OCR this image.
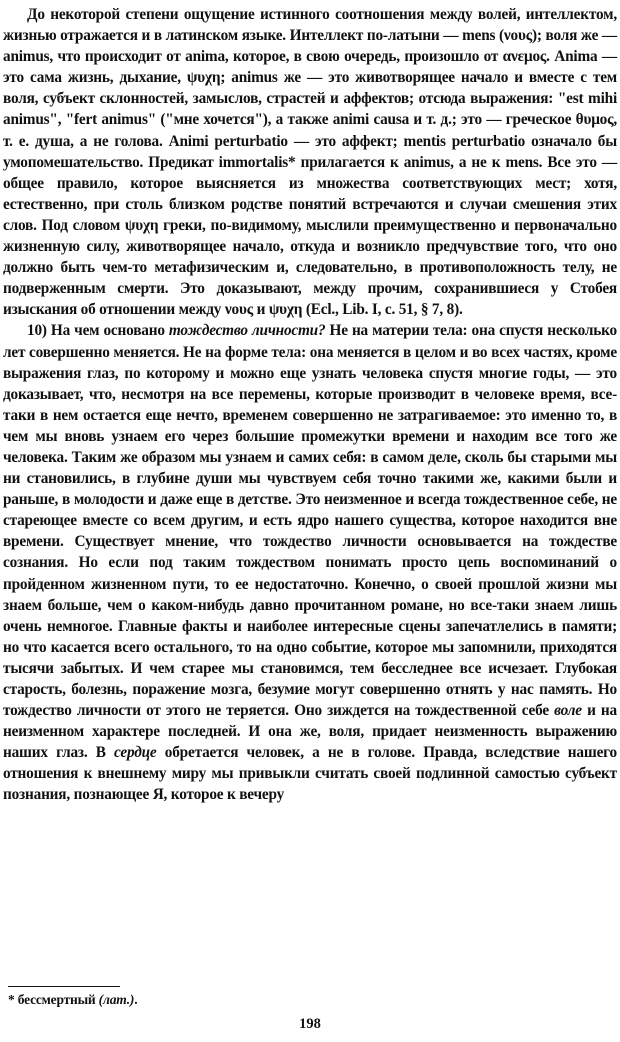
До некоторой степени ощущение истинного соотношения между волей, интеллектом, жизнью отражается и в латинском языке. Интеллект по-латыни — mens (νους); воля же — animus, что происходит от anima, которое, в свою очередь, произошло от ανεμος. Anima — это сама жизнь, дыхание, ψυχη; animus же — это животворящее начало и вместе с тем воля, субъект склонностей, замыслов, страстей и аффектов; отсюда выражения: "est mihi animus", "fert animus" ("мне хочется"), а также animi causa и т. д.; это — греческое θυμος, т. е. душа, а не голова. Animi perturbatio — это аффект; mentis perturbatio означало бы умопомешательство. Предикат immortalis* прилагается к animus, а не к mens. Все это — общее правило, которое выясняется из множества соответствующих мест; хотя, естественно, при столь близком родстве понятий встречаются и случаи смешения этих слов. Под словом ψυχη греки, по-видимому, мыслили преимущественно и первоначально жизненную силу, животворящее начало, откуда и возникло предчувствие того, что оно должно быть чем-то метафизическим и, следовательно, в противоположность телу, не подверженным смерти. Это доказывают, между прочим, сохранившиеся у Стобея изыскания об отношении между νους и ψυχη (Ecl., Lib. I, c. 51, § 7, 8).

10) На чем основано тождество личности? Не на материи тела: она спустя несколько лет совершенно меняется. Не на форме тела: она меняется в целом и во всех частях, кроме выражения глаз, по которому и можно еще узнать человека спустя многие годы, — это доказывает, что, несмотря на все перемены, которые производит в человеке время, все-таки в нем остается еще нечто, временем совершенно не затрагиваемое: это именно то, в чем мы вновь узнаем его через большие промежутки времени и находим все того же человека. Таким же образом мы узнаем и самих себя: в самом деле, сколь бы старыми мы ни становились, в глубине души мы чувствуем себя точно такими же, какими были и раньше, в молодости и даже еще в детстве. Это неизменное и всегда тождественное себе, не стареющее вместе со всем другим, и есть ядро нашего существа, которое находится вне времени. Существует мнение, что тождество личности основывается на тождестве сознания. Но если под таким тождеством понимать просто цепь воспоминаний о пройденном жизненном пути, то ее недостаточно. Конечно, о своей прошлой жизни мы знаем больше, чем о каком-нибудь давно прочитанном романе, но все-таки знаем лишь очень немногое. Главные факты и наиболее интересные сцены запечатлелись в памяти; но что касается всего остального, то на одно событие, которое мы запомнили, приходятся тысячи забытых. И чем старее мы становимся, тем бесследнее все исчезает. Глубокая старость, болезнь, поражение мозга, безумие могут совершенно отнять у нас память. Но тождество личности от этого не теряется. Оно зиждется на тождественной себе воле и на неизменном характере последней. И она же, воля, придает неизменность выражению наших глаз. В сердце обретается человек, а не в голове. Правда, вследствие нашего отношения к внешнему миру мы привыкли считать своей подлинной самостью субъект познания, познающее Я, которое к вечеру

* бессмертный (лат.).
198
